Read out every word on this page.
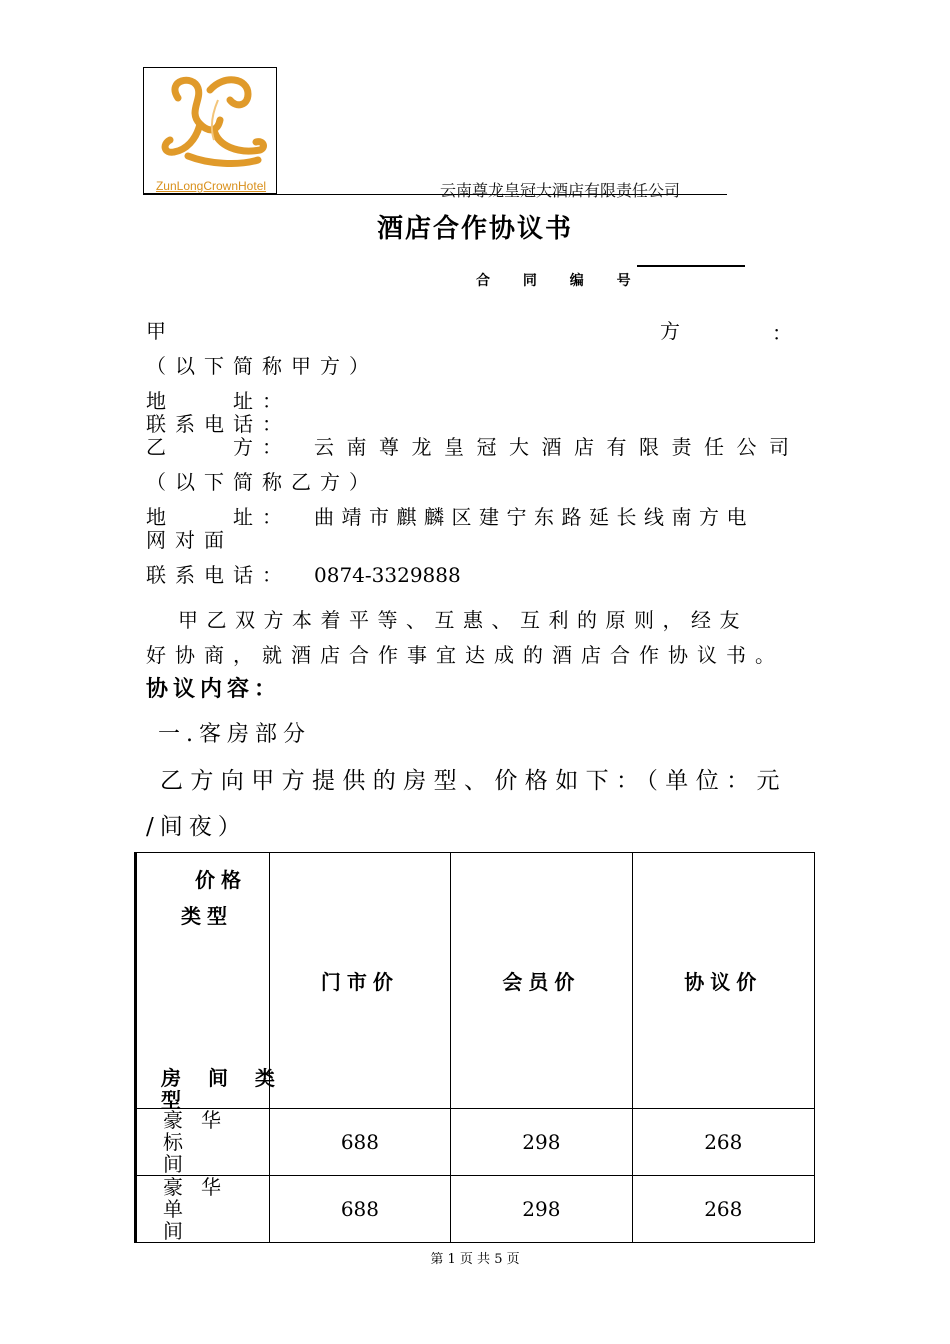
ZunLongCrownHotel	云南尊龙皇冠大酒店有限责任公司
酒店合作协议书
合 同 编 号
甲	方	：
（以下简称甲方）
地　　址：
联系电话：
乙　　方： 云南尊龙皇冠大酒店有限责任公司
（以下简称乙方）
地　　址： 曲靖市麒麟区建宁东路延长线南方电
网对面
联系电话： 0874-3329888
甲乙双方本着平等、互惠、互利的原则，经友
好协商，就酒店合作事宜达成的酒店合作协议书。
协议内容：
一.客房部分
乙方向甲方提供的房型、价格如下：（单位：元
/间夜）
价格
类型
房 间 类
型	门市价	会员价	协议价

豪华标
间	688	298	268

豪华单
间	688	298	268
第 1 页 共 5 页
